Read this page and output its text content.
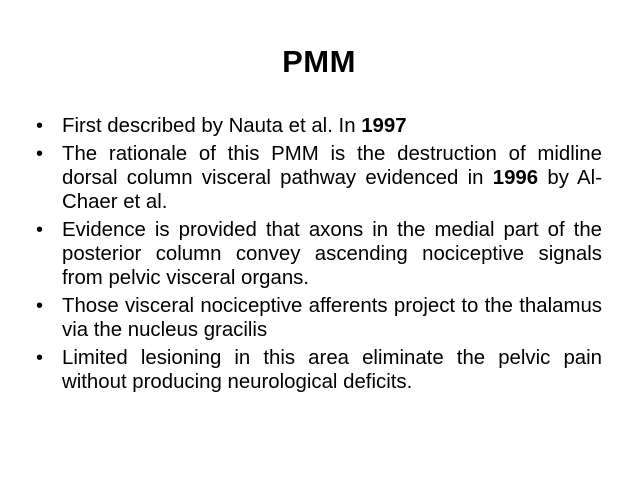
PMM
• First described by Nauta et al. In 1997
• The rationale of this PMM is the destruction of midline dorsal column visceral pathway evidenced in 1996 by Al-Chaer et al.
• Evidence is provided that axons in the medial part of the posterior column convey ascending nociceptive signals from pelvic visceral organs.
• Those visceral nociceptive afferents project to the thalamus via the nucleus gracilis
• Limited lesioning in this area eliminate the pelvic pain without producing neurological deficits.
